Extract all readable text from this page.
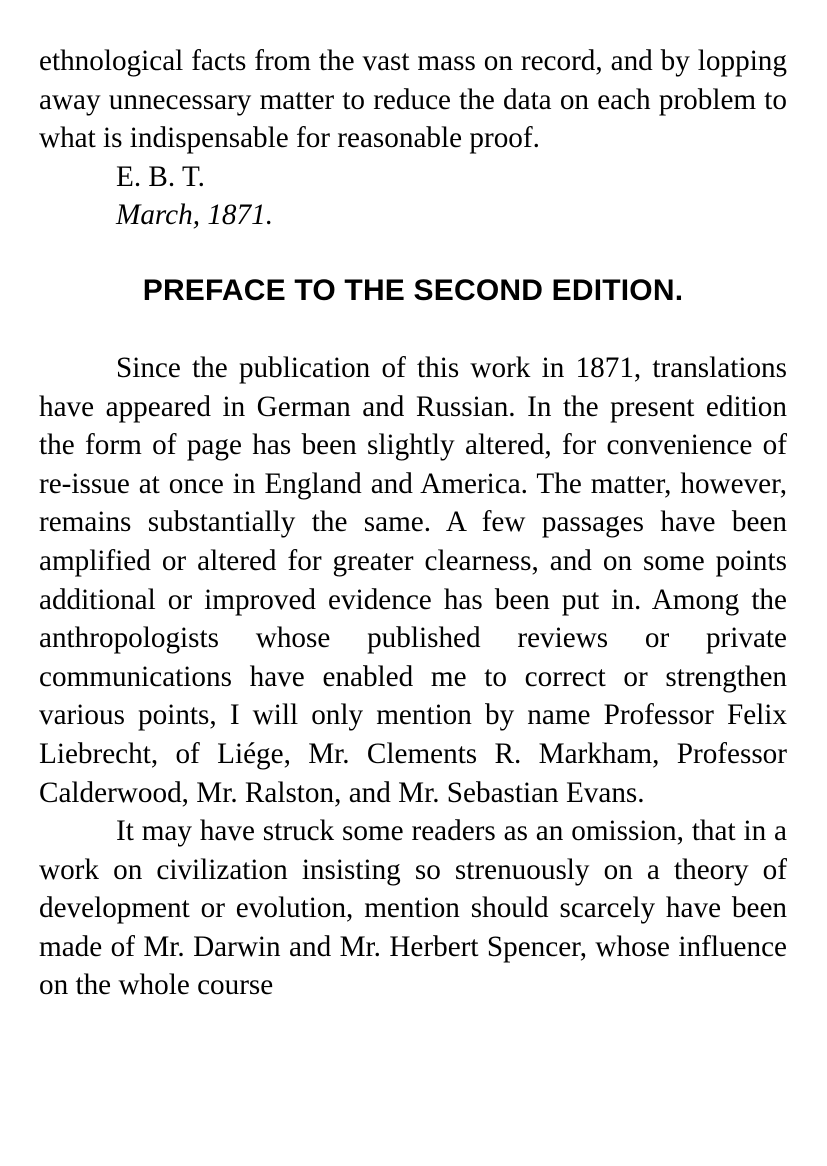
ethnological facts from the vast mass on record, and by lopping away unnecessary matter to reduce the data on each problem to what is indispensable for reasonable proof.

E. B. T.

March, 1871.

PREFACE TO THE SECOND EDITION.

Since the publication of this work in 1871, translations have appeared in German and Russian. In the present edition the form of page has been slightly altered, for convenience of re-issue at once in England and America. The matter, however, remains substantially the same. A few passages have been amplified or altered for greater clearness, and on some points additional or improved evidence has been put in. Among the anthropologists whose published reviews or private communications have enabled me to correct or strengthen various points, I will only mention by name Professor Felix Liebrecht, of Liége, Mr. Clements R. Markham, Professor Calderwood, Mr. Ralston, and Mr. Sebastian Evans.

It may have struck some readers as an omission, that in a work on civilization insisting so strenuously on a theory of development or evolution, mention should scarcely have been made of Mr. Darwin and Mr. Herbert Spencer, whose influence on the whole course
